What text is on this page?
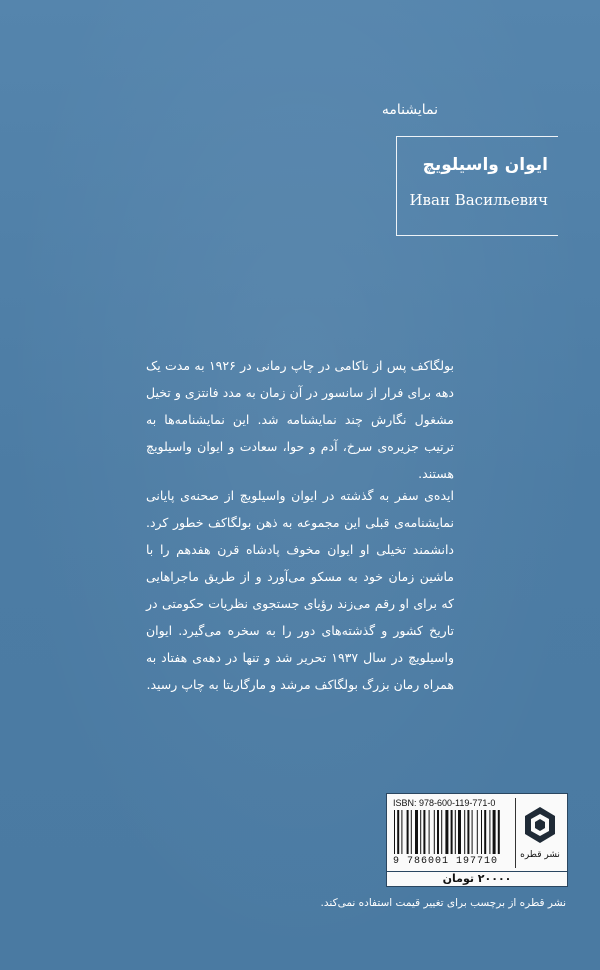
نمایشنامه
ایوان واسیلویچ
Иван Васильевич

بولگاکف پس از ناکامی در چاپ رمانی در ۱۹۲۶ به مدت یک دهه برای فرار از سانسور در آن زمان به مدد فانتزی و تخیل مشغول نگارش چند نمایشنامه شد. این نمایشنامه‌ها به ترتیب جزیره‌ی سرخ، آدم و حوا، سعادت و ایوان واسیلویچ هستند.

ایده‌ی سفر به گذشته در ایوان واسیلویچ از صحنه‌ی پایانی نمایشنامه‌ی قبلی این مجموعه به ذهن بولگاکف خطور کرد. دانشمند تخیلی او ایوان مخوف پادشاه قرن هفدهم را با ماشین زمان خود به مسکو می‌آورد و از طریق ماجراهایی که برای او رقم می‌زند رؤیای جستجوی نظریات حکومتی در تاریخ کشور و گذشته‌های دور را به سخره می‌گیرد. ایوان واسیلویچ در سال ۱۹۳۷ تحریر شد و تنها در دهه‌ی هفتاد به همراه رمان بزرگ بولگاکف مرشد و مارگاریتا به چاپ رسید.

ISBN: 978-600-119-771-0
9 786001 197710
نشر قطره
۲۰۰۰۰ تومان
نشر قطره از برچسب برای تغییر قیمت استفاده نمی‌کند.
